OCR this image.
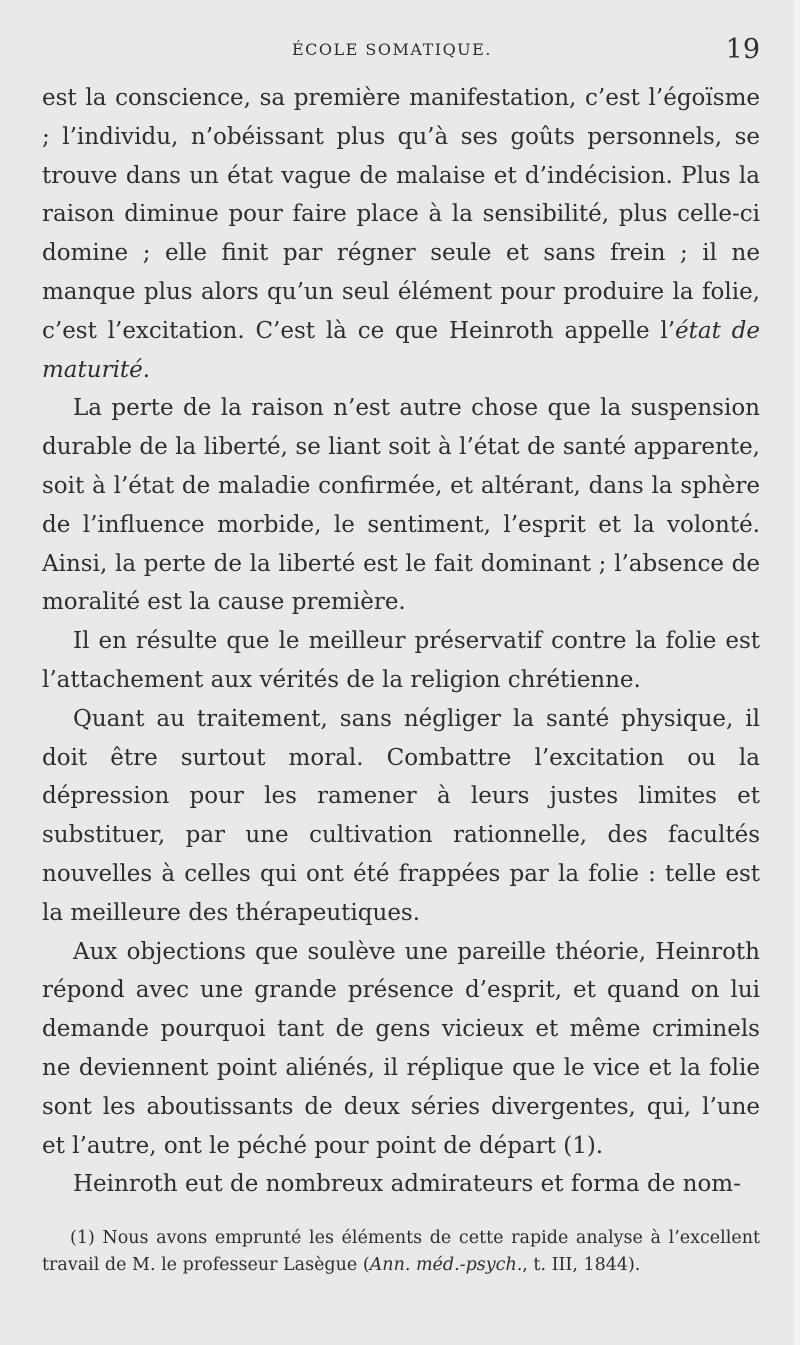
ÉCOLE SOMATIQUE.	19

est la conscience, sa première manifestation, c’est l’égoïsme ; l’individu, n’obéissant plus qu’à ses goûts personnels, se trouve dans un état vague de malaise et d’indécision. Plus la raison diminue pour faire place à la sensibilité, plus celle-ci domine ; elle finit par régner seule et sans frein ; il ne manque plus alors qu’un seul élément pour produire la folie, c’est l’excitation. C’est là ce que Heinroth appelle l’état de maturité.

La perte de la raison n’est autre chose que la suspension durable de la liberté, se liant soit à l’état de santé apparente, soit à l’état de maladie confirmée, et altérant, dans la sphère de l’influence morbide, le sentiment, l’esprit et la volonté. Ainsi, la perte de la liberté est le fait dominant ; l’absence de moralité est la cause première.

Il en résulte que le meilleur préservatif contre la folie est l’attachement aux vérités de la religion chrétienne.

Quant au traitement, sans négliger la santé physique, il doit être surtout moral. Combattre l’excitation ou la dépression pour les ramener à leurs justes limites et substituer, par une cultivation rationnelle, des facultés nouvelles à celles qui ont été frappées par la folie : telle est la meilleure des thérapeutiques.

Aux objections que soulève une pareille théorie, Heinroth répond avec une grande présence d’esprit, et quand on lui demande pourquoi tant de gens vicieux et même criminels ne deviennent point aliénés, il réplique que le vice et la folie sont les aboutissants de deux séries divergentes, qui, l’une et l’autre, ont le péché pour point de départ (1).

Heinroth eut de nombreux admirateurs et forma de nom-

(1) Nous avons emprunté les éléments de cette rapide analyse à l’excellent travail de M. le professeur Lasègue (Ann. méd.-psych., t. III, 1844).
